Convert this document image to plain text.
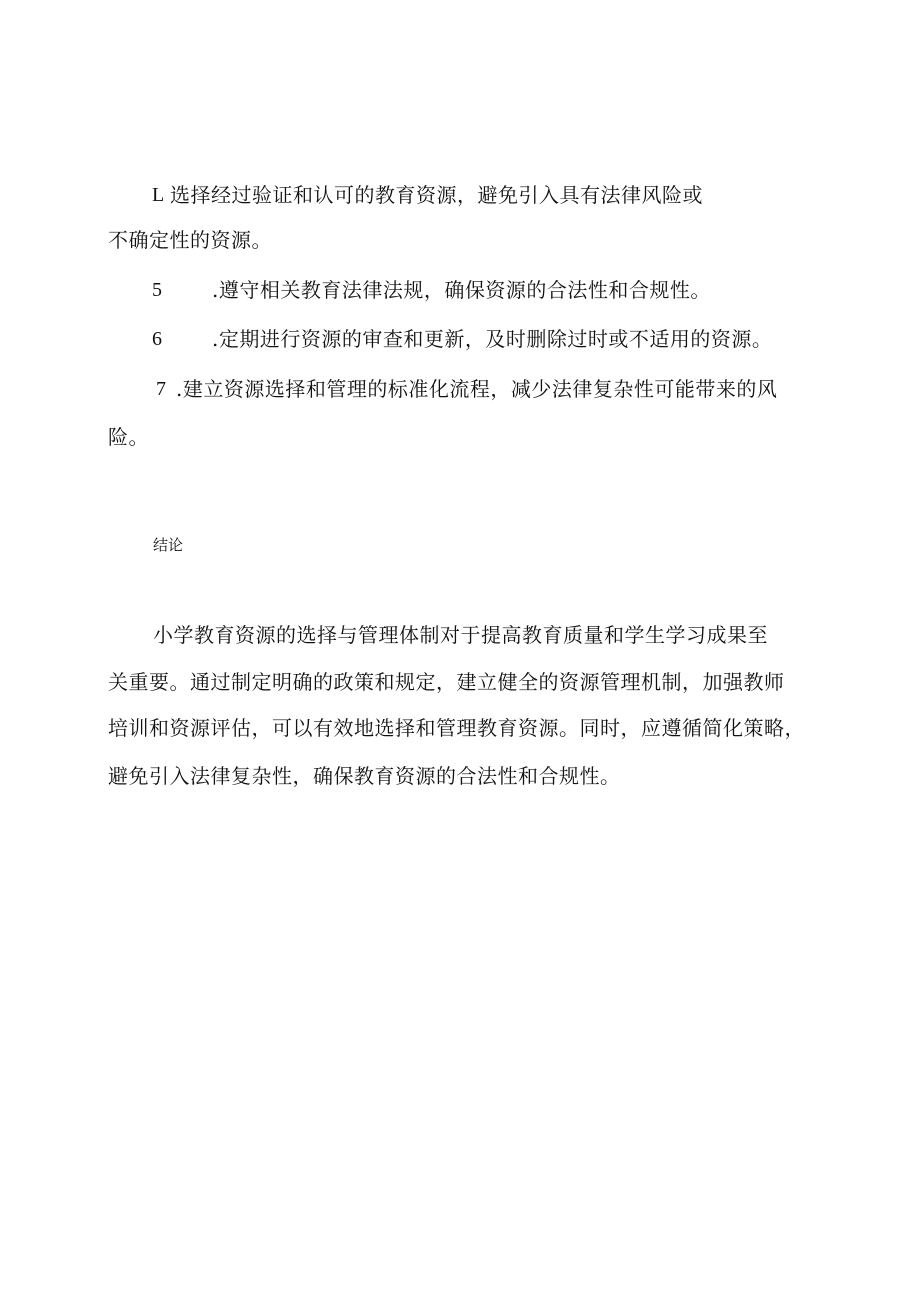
L 选择经过验证和认可的教育资源，避免引入具有法律风险或
不确定性的资源。
5	.遵守相关教育法律法规，确保资源的合法性和合规性。
6	.定期进行资源的审查和更新，及时删除过时或不适用的资源。
7 .建立资源选择和管理的标准化流程，减少法律复杂性可能带来的风
险。
结论
小学教育资源的选择与管理体制对于提高教育质量和学生学习成果至
关重要。通过制定明确的政策和规定，建立健全的资源管理机制，加强教师
培训和资源评估，可以有效地选择和管理教育资源。同时，应遵循简化策略，
避免引入法律复杂性，确保教育资源的合法性和合规性。
